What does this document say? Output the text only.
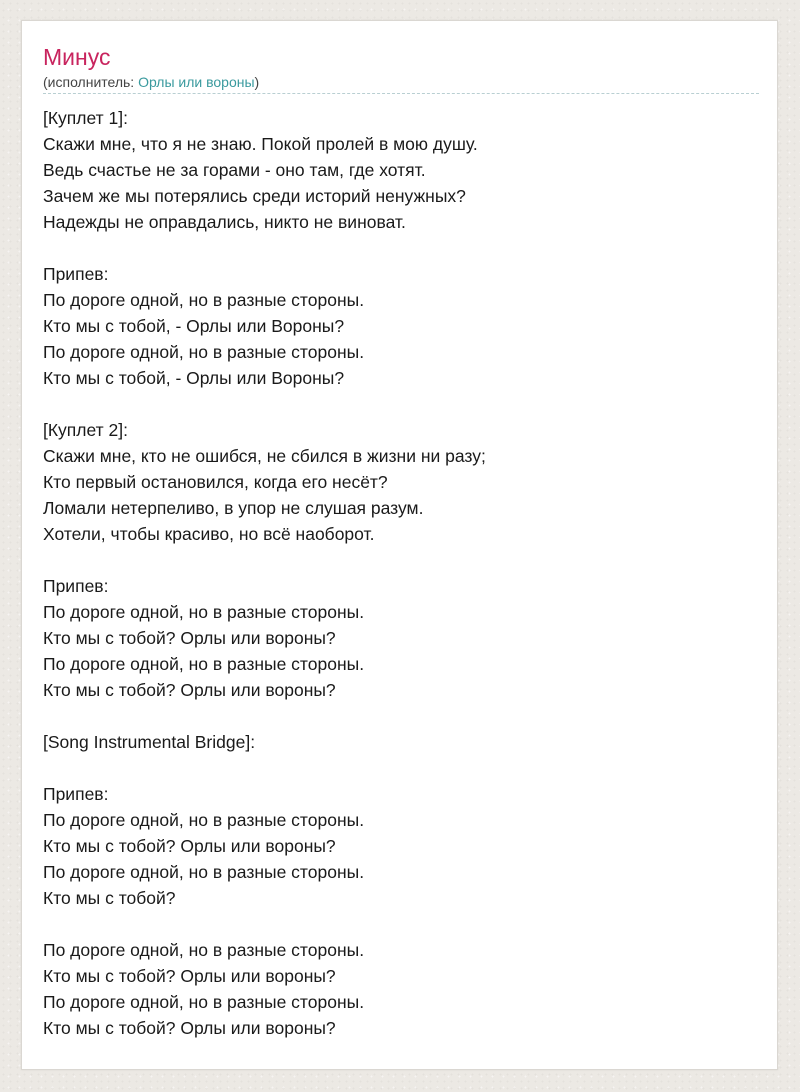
Минус
(исполнитель: Орлы или вороны)
[Куплет 1]:
Скажи мне, что я не знаю. Покой пролей в мою душу.
Ведь счастье не за горами - оно там, где хотят.
Зачем же мы потерялись среди историй ненужных?
Надежды не оправдались, никто не виноват.
Припев:
По дороге одной, но в разные стороны.
Кто мы с тобой, - Орлы или Вороны?
По дороге одной, но в разные стороны.
Кто мы с тобой, - Орлы или Вороны?
[Куплет 2]:
Скажи мне, кто не ошибся, не сбился в жизни ни разу;
Кто первый остановился, когда его несёт?
Ломали нетерпеливо, в упор не слушая разум.
Хотели, чтобы красиво, но всё наоборот.
Припев:
По дороге одной, но в разные стороны.
Кто мы с тобой? Орлы или вороны?
По дороге одной, но в разные стороны.
Кто мы с тобой? Орлы или вороны?
[Song Instrumental Bridge]:
Припев:
По дороге одной, но в разные стороны.
Кто мы с тобой? Орлы или вороны?
По дороге одной, но в разные стороны.
Кто мы с тобой?
По дороге одной, но в разные стороны.
Кто мы с тобой? Орлы или вороны?
По дороге одной, но в разные стороны.
Кто мы с тобой? Орлы или вороны?
